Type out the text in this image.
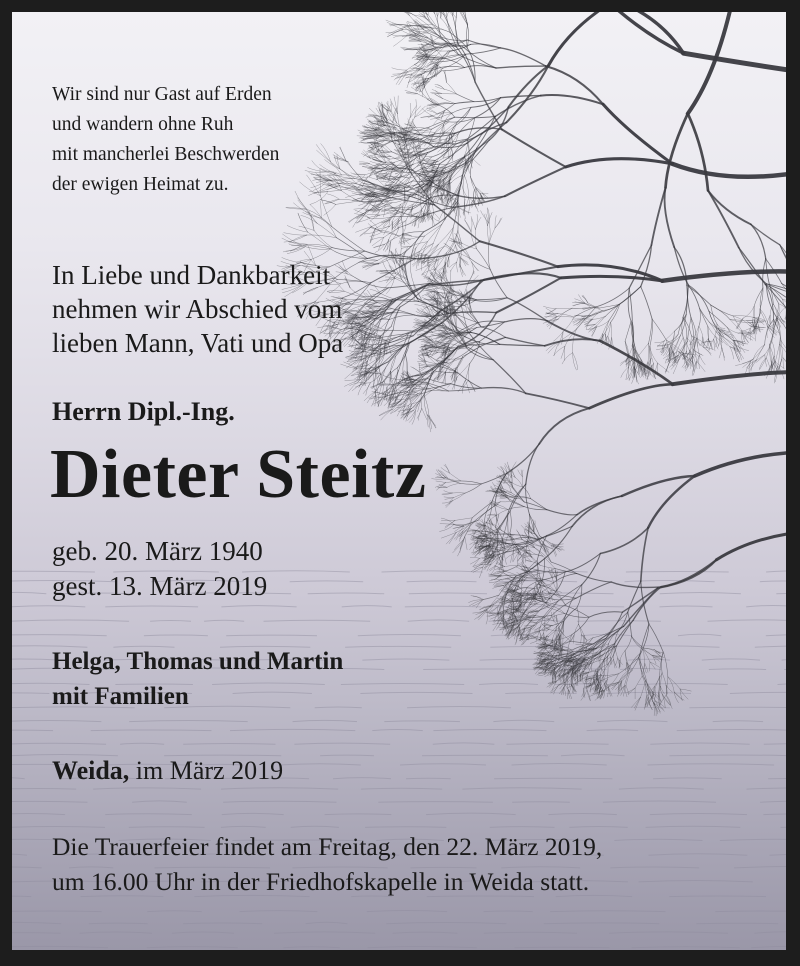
Wir sind nur Gast auf Erden
und wandern ohne Ruh
mit mancherlei Beschwerden
der ewigen Heimat zu.
In Liebe und Dankbarkeit
nehmen wir Abschied vom
lieben Mann, Vati und Opa
Herrn Dipl.-Ing.
Dieter Steitz
geb. 20. März 1940
gest. 13. März 2019
Helga, Thomas und Martin
mit Familien
Weida, im März 2019
Die Trauerfeier findet am Freitag, den 22. März 2019,
um 16.00 Uhr in der Friedhofskapelle in Weida statt.
